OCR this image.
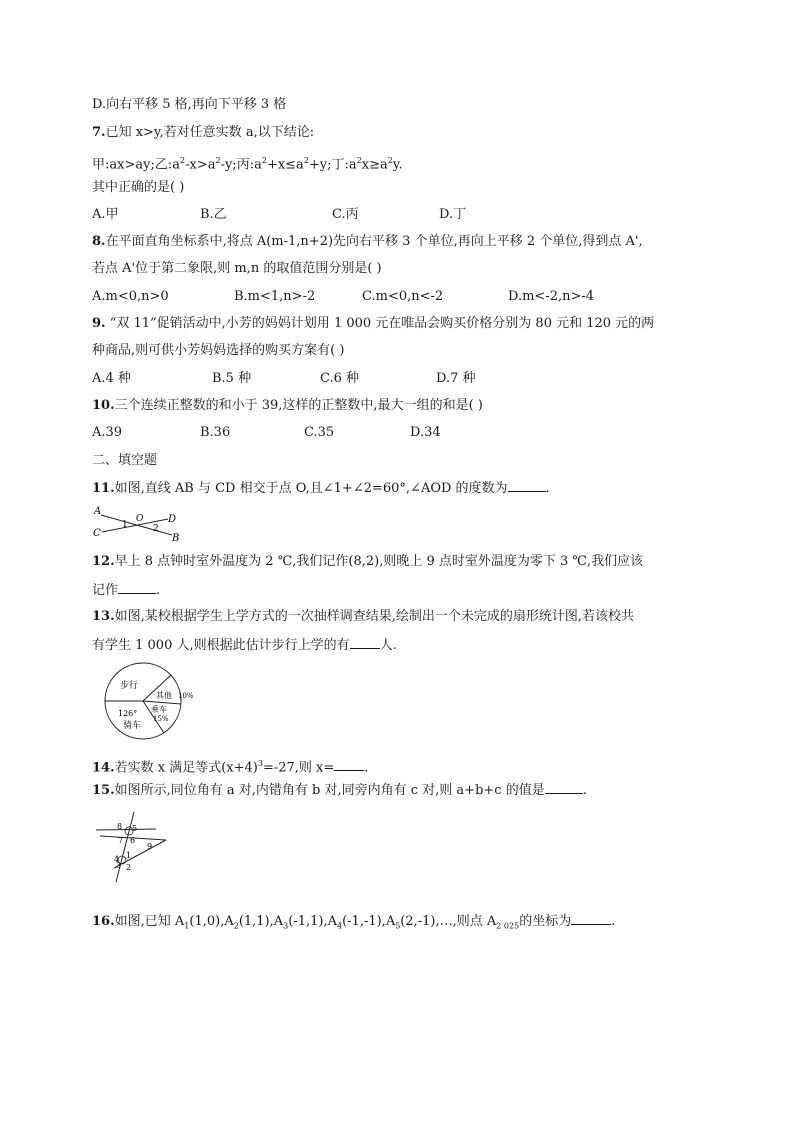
D.向右平移 5 格,再向下平移 3 格
7.已知 x>y,若对任意实数 a,以下结论:
甲:ax>ay;乙$:a^2-x>a^2-y$;丙$:a^2+x\le a^2+y$;丁$:a^2x\ge a^2y$.
其中正确的是( )
A.甲	B.乙	C.丙	D.丁
8.在平面直角坐标系中,将点 A(m-1,n+2)先向右平移 3 个单位,再向上平移 2 个单位,得到点 A',
若点 A'位于第二象限,则 m,n 的取值范围分别是( )
A.m<0,n>0	B.m<1,n>-2	C.m<0,n<-2	D.m<-2,n>-4
9. “双 11”促销活动中,小芳的妈妈计划用 1 000 元在唯品会购买价格分别为 80 元和 120 元的两
种商品,则可供小芳妈妈选择的购买方案有( )
A.4 种	B.5 种	C.6 种	D.7 种
10.三个连续正整数的和小于 39,这样的正整数中,最大一组的和是( )
A.39	B.36	C.35	D.34
二、填空题
11.如图,直线 AB 与 CD 相交于点 O,且∠1+∠2=60°,∠AOD 的度数为	.
A
B
C
D
O
1	2
12.早上 8 点钟时室外温度为 2 ℃,我们记作(8,2),则晚上 9 点时室外温度为零下 3 ℃,我们应该
记作	.
13.如图,某校根据学生上学方式的一次抽样调查结果,绘制出一个未完成的扇形统计图,若该校共
有学生 1 000 人,则根据此估计步行上学的有 人.
步行
其他 10%
乘车
15%
126°
骑车
14.若实数 x 满足等式$(x+4)^3=-27$,则 x= .
15.如图所示,同位角有 a 对,内错角有 b 对,同旁内角有 c 对,则 a+b+c 的值是	.
1
2
3
4
5
6
7
8
9
16.如图,已知 $A_1(1,0),A_2(1,1),A_3(-1,1),A_4(-1,-1),A_5(2,-1),\dots$,则点 $A_{2 025}$的坐标为	.
